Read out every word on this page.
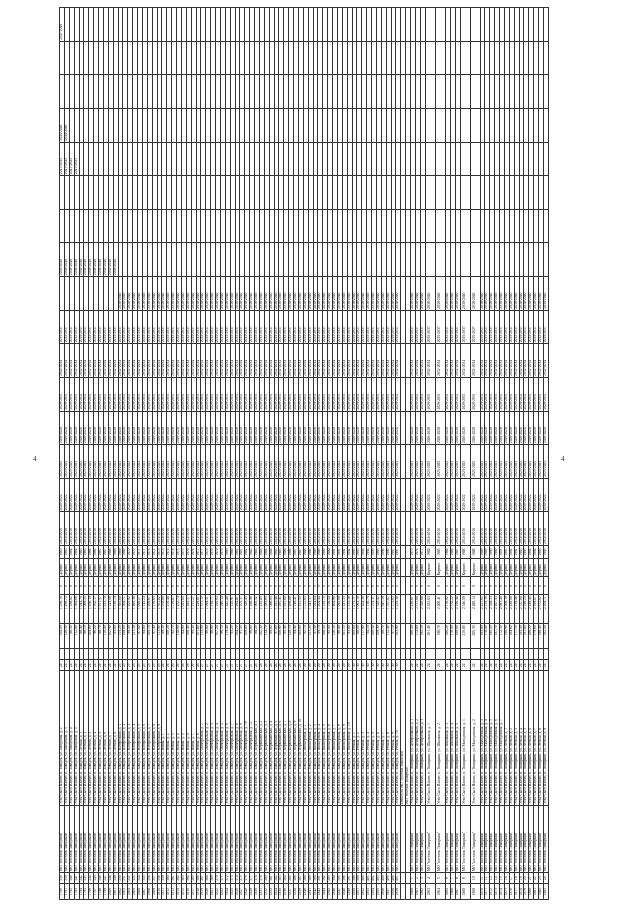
4	4
1790	338	МО "поселок Заводской"	Усть-Сысо Ижемс, п. Заводск, ул. Заводская, д. 2	24		104,00	1 256,19	0	Дерево	1963	2014-2016	2020-2022	2023-2025	2026-2028	2029-2031	2032-2034	2035-2037		2038-2040			2041-2043	2044-2046			2047-2049
1791	339	МО "поселок Заводской"	Усть-Сысо Ижемс, п. Заводск, ул. Заводская, д. 3	24		120,50	1 456,73	0	Дерево	1963	2014-2016	2020-2022	2023-2025	2026-2028	2029-2031	2032-2034	2035-2037		2038-2040			2041-2043	2044-2046			
1792	340	МО "поселок Заводской"	Усть-Сысо Ижемс, п. Заводск, ул. Заводская, д. 4	24		98,30	1 188,62	0	Дерево	1964	2014-2016	2020-2022	2023-2025	2026-2028	2029-2031	2032-2034	2035-2037		2038-2040			2041-2043				
1793	341	МО "поселок Заводской"	Усть-Сысо Ижемс, п. Заводск, ул. Заводская, д. 5	24		112,80	1 364,09	0	Дерево	1964	2014-2016	2020-2022	2023-2025	2026-2028	2029-2031	2032-2034	2035-2037		2038-2040			2041-2043				
1794	342	МО "поселок Заводской"	Усть-Сысо Ижемс, п. Заводск, ул. Лесная, д. 1	24		86,40	1 044,78	0	Дерево	1965	2014-2016	2020-2022	2023-2025	2026-2028	2029-2031	2032-2034	2035-2037		2038-2040							
1795	343	МО "поселок Заводской"	Усть-Сысо Ижемс, п. Заводск, ул. Лесная, д. 2	24		90,10	1 089,55	0	Дерево	1965	2014-2016	2020-2022	2023-2025	2026-2028	2029-2031	2032-2034	2035-2037		2038-2040							
1796	344	МО "поселок Заводской"	Усть-Сысо Ижемс, п. Заводск, ул. Лесная, д. 3	24		104,00	1 256,19	0	Дерево	1966	2014-2016	2020-2022	2023-2025	2026-2028	2029-2031	2032-2034	2035-2037		2038-2040							
1797	345	МО "поселок Заводской"	Усть-Сысо Ижемс, п. Заводск, ул. Лесная, д. 4	24		96,20	1 162,17	0	Дерево	1966	2014-2016	2020-2022	2023-2025	2026-2028	2029-2031	2032-2034	2035-2037		2038-2040							
1798	346	МО "поселок Заводской"	Усть-Сысо Ижемс, п. Заводск, ул. Лесная, д. 5	24		88,70	1 071,57	0	Дерево	1967	2014-2016	2020-2022	2023-2025	2026-2028	2029-2031	2032-2034	2035-2037		2038-2040							
1799	347	МО "поселок Заводской"	Усть-Сысо Ижемс, п. Заводск, ул. Лесная, д. 6	24		110,40	1 333,70	0	Дерево	1967	2014-2016	2020-2022	2023-2025	2026-2028	2029-2031	2032-2034	2035-2037		2038-2040							
1800	348	МО "поселок Заводской"	Усть-Сысо Ижемс, п. Заводск, ул. Лесная, д. 7	24		102,90	1 243,08	0	Дерево	1968	2014-2016	2020-2022	2023-2025	2026-2028	2029-2031	2032-2034	2035-2037		2038-2040							
1801	349	МО "поселок Заводской"	Усть-Сысо Ижемс, п. Заводск, ул. Лесная, д. 8	24		93,60	1 130,74	0	Дерево	1968	2014-2016	2020-2022	2023-2025	2026-2028	2029-2031	2032-2034	2035-2037		2038-2040							
1802	350	МО "поселок Заводской"	Усть-Сысо Ижемс, п. Заводск, ул. Набережная, д. 1	25		115,20	1 391,68	0	Дерево	1969	2014-2016	2020-2022	2023-2025	2026-2028	2029-2031	2032-2034	2035-2037	2038-2040								
1803	351	МО "поселок Заводской"	Усть-Сысо Ижемс, п. Заводск, ул. Набережная, д. 2	25		108,00	1 304,71	0	Дерево	1969	2014-2016	2020-2022	2023-2025	2026-2028	2029-2031	2032-2034	2035-2037	2038-2040								
1804	352	МО "поселок Заводской"	Усть-Сысо Ижемс, п. Заводск, ул. Набережная, д. 3	25		99,50	1 202,02	0	Дерево	1970	2014-2016	2020-2022	2023-2025	2026-2028	2029-2031	2032-2034	2035-2037	2038-2040								
1805	353	МО "поселок Заводской"	Усть-Сысо Ижемс, п. Заводск, ул. Набережная, д. 4	25		121,30	1 465,38	0	Дерево	1970	2014-2016	2020-2022	2023-2025	2026-2028	2029-2031	2032-2034	2035-2037	2038-2040								
1806	354	МО "поселок Заводской"	Усть-Сысо Ижемс, п. Заводск, ул. Набережная, д. 5	25		87,60	1 058,27	0	Дерево	1971	2014-2016	2020-2022	2023-2025	2026-2028	2029-2031	2032-2034	2035-2037	2038-2040								
1807	355	МО "поселок Заводской"	Усть-Сысо Ижемс, п. Заводск, ул. Набережная, д. 6	25		94,80	1 145,24	0	Дерево	1971	2014-2016	2020-2022	2023-2025	2026-2028	2029-2031	2032-2034	2035-2037	2038-2040								
1808	356	МО "поселок Заводской"	Усть-Сысо Ижемс, п. Заводск, ул. Набережная, д. 7	25		105,10	1 269,67	0	Дерево	1972	2014-2016	2020-2022	2023-2025	2026-2028	2029-2031	2032-2034	2035-2037	2038-2040								
1809	357	МО "поселок Заводской"	Усть-Сысо Ижемс, п. Заводск, ул. Набережная, д. 8	25		97,40	1 176,65	0	Дерево	1972	2014-2016	2020-2022	2023-2025	2026-2028	2029-2031	2032-2034	2035-2037	2038-2040								
1810	358	МО "поселок Заводской"	Усть-Сысо Ижемс, п. Заводск, ул. Набережная, д. 9	25		111,90	1 351,82	0	Дерево	1973	2014-2016	2020-2022	2023-2025	2026-2028	2029-2031	2032-2034	2035-2037	2038-2040								
1811	359	МО "поселок Заводской"	Усть-Сысо Ижемс, п. Заводск, ул. Новая, д. 1	26		89,30	1 078,80	0	Дерево	1973	2014-2016	2020-2022	2023-2025	2026-2028	2029-2031	2032-2034	2035-2037	2038-2040								
1812	360	МО "поселок Заводской"	Усть-Сысо Ижемс, п. Заводск, ул. Новая, д. 2	26		100,20	1 210,48	0	Дерево	1974	2014-2016	2020-2022	2023-2025	2026-2028	2029-2031	2032-2034	2035-2037	2038-2040								
1813	361	МО "поселок Заводской"	Усть-Сысо Ижемс, п. Заводск, ул. Новая, д. 3	26		92,70	1 119,87	0	Дерево	1974	2014-2016	2020-2022	2023-2025	2026-2028	2029-2031	2032-2034	2035-2037	2038-2040								
1814	362	МО "поселок Заводской"	Усть-Сысо Ижемс, п. Заводск, ул. Новая, д. 4	26		118,60	1 432,74	0	Дерево	1975	2014-2016	2020-2022	2023-2025	2026-2028	2029-2031	2032-2034	2035-2037	2038-2040								
1815	363	МО "поселок Заводской"	Усть-Сысо Ижемс, п. Заводск, ул. Новая, д. 5	26		84,90	1 025,65	0	Дерево	1975	2014-2016	2020-2022	2023-2025	2026-2028	2029-2031	2032-2034	2035-2037	2038-2040								
1816	364	МО "поселок Заводской"	Усть-Сысо Ижемс, п. Заводск, ул. Новая, д. 6	26		106,40	1 285,37	0	Дерево	1976	2014-2016	2020-2022	2023-2025	2026-2028	2029-2031	2032-2034	2035-2037	2038-2040								
1817	365	МО "поселок Заводской"	Усть-Сысо Ижемс, п. Заводск, ул. Новая, д. 7	26		95,30	1 151,27	0	Дерево	1976	2014-2016	2020-2022	2023-2025	2026-2028	2029-2031	2032-2034	2035-2037	2038-2040								
1818	366	МО "поселок Заводской"	Усть-Сысо Ижемс, п. Заводск, ул. Новая, д. 8	26		101,80	1 229,81	0	Дерево	1977	2014-2016	2020-2022	2023-2025	2026-2028	2029-2031	2032-2034	2035-2037	2038-2040								
1819	367	МО "поселок Заводской"	Усть-Сысо Ижемс, п. Заводск, ул. Октябрьская, д. 1	27		113,50	1 371,15	0	Дерево	1977	2014-2016	2020-2022	2023-2025	2026-2028	2029-2031	2032-2034	2035-2037	2038-2040								
1820	368	МО "поселок Заводской"	Усть-Сысо Ижемс, п. Заводск, ул. Октябрьская, д. 2	27		90,60	1 094,51	0	Дерево	1978	2014-2016	2020-2022	2023-2025	2026-2028	2029-2031	2032-2034	2035-2037	2038-2040								
1821	369	МО "поселок Заводской"	Усть-Сысо Ижемс, п. Заводск, ул. Октябрьская, д. 3	27		98,90	1 194,77	0	Дерево	1978	2014-2016	2020-2022	2023-2025	2026-2028	2029-2031	2032-2034	2035-2037	2038-2040								
1822	370	МО "поселок Заводской"	Усть-Сысо Ижемс, п. Заводск, ул. Октябрьская, д. 4	27		107,20	1 295,03	0	Дерево	1979	2014-2016	2020-2022	2023-2025	2026-2028	2029-2031	2032-2034	2035-2037	2038-2040								
1823	371	МО "поселок Заводской"	Усть-Сысо Ижемс, п. Заводск, ул. Октябрьская, д. 5	27		86,10	1 040,14	0	Дерево	1979	2014-2016	2020-2022	2023-2025	2026-2028	2029-2031	2032-2034	2035-2037	2038-2040								
1824	372	МО "поселок Заводской"	Усть-Сысо Ижемс, п. Заводск, ул. Октябрьская, д. 6	27		119,40	1 442,40	0	Дерево	1980	2014-2016	2020-2022	2023-2025	2026-2028	2029-2031	2032-2034	2035-2037	2038-2040								
1825	373	МО "поселок Заводской"	Усть-Сысо Ижемс, п. Заводск, ул. Октябрьская, д. 7	27		93,20	1 125,91	0	Дерево	1980	2014-2016	2020-2022	2023-2025	2026-2028	2029-2031	2032-2034	2035-2037	2038-2040								
1826	374	МО "поселок Заводской"	Усть-Сысо Ижемс, п. Заводск, ул. Октябрьская, д. 8	27		104,70	1 264,81	0	Дерево	1981	2014-2016	2020-2022	2023-2025	2026-2028	2029-2031	2032-2034	2035-2037	2038-2040								
1827	375	МО "поселок Заводской"	Усть-Сысо Ижемс, п. Заводск, ул. Октябрьская, д. 9	27		91,50	1 105,37	0	Дерево	1981	2014-2016	2020-2022	2023-2025	2026-2028	2029-2031	2032-2034	2035-2037	2038-2040								
1828	376	МО "поселок Заводской"	Усть-Сысо Ижемс, п. Заводск, ул. Октябрьская, д. 10	27		109,80	1 326,45	0	Дерево	1982	2014-2016	2020-2022	2023-2025	2026-2028	2029-2031	2032-2034	2035-2037	2038-2040								
1829	377	МО "поселок Заводской"	Усть-Сысо Ижемс, п. Заводск, ул. Октябрьская, д. 11	27		96,60	1 166,98	0	Дерево	1982	2014-2016	2020-2022	2023-2025	2026-2028	2029-2031	2032-2034	2035-2037	2038-2040								
1830	378	МО "поселок Заводской"	Усть-Сысо Ижемс, п. Заводск, ул. Первомайская, д. 1	28		88,20	1 065,52	0	Дерево	1983	2014-2016	2020-2022	2023-2025	2026-2028	2029-2031	2032-2034	2035-2037	2038-2040								
1831	379	МО "поселок Заводской"	Усть-Сысо Ижемс, п. Заводск, ул. Первомайская, д. 2	28		102,30	1 235,85	0	Дерево	1983	2014-2016	2020-2022	2023-2025	2026-2028	2029-2031	2032-2034	2035-2037	2038-2040								
1832	380	МО "поселок Заводской"	Усть-Сысо Ижемс, п. Заводск, ул. Первомайская, д. 3	28		114,70	1 385,65	0	Дерево	1984	2014-2016	2020-2022	2023-2025	2026-2028	2029-2031	2032-2034	2035-2037	2038-2040								
1833	381	МО "поселок Заводской"	Усть-Сысо Ижемс, п. Заводск, ул. Первомайская, д. 4	28		89,90	1 086,05	0	Дерево	1984	2014-2016	2020-2022	2023-2025	2026-2028	2029-2031	2032-2034	2035-2037	2038-2040								
1834	382	МО "поселок Заводской"	Усть-Сысо Ижемс, п. Заводск, ул. Первомайская, д. 5	28		97,80	1 181,48	0	Дерево	1985	2014-2016	2020-2022	2023-2025	2026-2028	2029-2031	2032-2034	2035-2037	2038-2040								
1835	383	МО "поселок Заводской"	Усть-Сысо Ижемс, п. Заводск, ул. Первомайская, д. 6	28		106,90	1 291,41	0	Дерево	1985	2014-2016	2020-2022	2023-2025	2026-2028	2029-2031	2032-2034	2035-2037	2038-2040								
1836	384	МО "поселок Заводской"	Усть-Сысо Ижемс, п. Заводск, ул. Первомайская, д. 7	28		85,40	1 031,68	0	Дерево	1986	2014-2016	2020-2022	2023-2025	2026-2028	2029-2031	2032-2034	2035-2037	2038-2040								
1837	385	МО "поселок Заводской"	Усть-Сысо Ижемс, п. Заводск, ул. Первомайская, д. 8	28		120,10	1 450,88	0	Дерево	1986	2014-2016	2020-2022	2023-2025	2026-2028	2029-2031	2032-2034	2035-2037	2038-2040								
1838	386	МО "поселок Заводской"	Усть-Сысо Ижемс, п. Заводск, ул. Первомайская, д. 9	28		94,40	1 140,41	0	Дерево	1987	2014-2016	2020-2022	2023-2025	2026-2028	2029-2031	2032-2034	2035-2037	2038-2040								
1839	387	МО "поселок Заводской"	Усть-Сысо Ижемс, п. Заводск, ул. Первомайская, д. 10	28		103,60	1 251,55	0	Дерево	1987	2014-2016	2020-2022	2023-2025	2026-2028	2029-2031	2032-2034	2035-2037	2038-2040								
1840	388	МО "поселок Заводской"	Усть-Сысо Ижемс, п. Заводск, ул. Пионерская, д. 1	29		92,10	1 112,63	0	Дерево	1988	2014-2016	2020-2022	2023-2025	2026-2028	2029-2031	2032-2034	2035-2037	2038-2040								
1841	389	МО "поселок Заводской"	Усть-Сысо Ижемс, п. Заводск, ул. Пионерская, д. 2	29		111,20	1 343,37	0	Дерево	1988	2014-2016	2020-2022	2023-2025	2026-2028	2029-2031	2032-2034	2035-2037	2038-2040								
1842	390	МО "поселок Заводской"	Усть-Сысо Ижемс, п. Заводск, ул. Пионерская, д. 3	29		87,30	1 054,64	0	Дерево	1989	2014-2016	2020-2022	2023-2025	2026-2028	2029-2031	2032-2034	2035-2037	2038-2040								
1843	391	МО "поселок Заводской"	Усть-Сысо Ижемс, п. Заводск, ул. Пионерская, д. 4	29		99,70	1 204,44	0	Дерево	1989	2014-2016	2020-2022	2023-2025	2026-2028	2029-2031	2032-2034	2035-2037	2038-2040								
1844	392	МО "поселок Заводской"	Усть-Сысо Ижемс, п. Заводск, ул. Пионерская, д. 5	29		108,50	1 310,75	0	Дерево	1990	2014-2016	2020-2022	2023-2025	2026-2028	2029-2031	2032-2034	2035-2037	2038-2040								
1845	393	МО "поселок Заводской"	Усть-Сысо Ижемс, п. Заводск, ул. Пионерская, д. 6	29		95,90	1 158,54	0	Дерево	1990	2014-2016	2020-2022	2023-2025	2026-2028	2029-2031	2032-2034	2035-2037	2038-2040								
1846	394	МО "поселок Заводской"	Усть-Сысо Ижемс, п. Заводск, ул. Пионерская, д. 7	29		116,30	1 404,98	0	Дерево	1991	2014-2016	2020-2022	2023-2025	2026-2028	2029-2031	2032-2034	2035-2037	2038-2040								
1847	395	МО "поселок Заводской"	Усть-Сысо Ижемс, п. Заводск, ул. Пионерская, д. 8	29		90,40	1 092,09	0	Дерево	1991	2014-2016	2020-2022	2023-2025	2026-2028	2029-2031	2032-2034	2035-2037	2038-2040								
1848	396	МО "поселок Заводской"	Усть-Сысо Ижемс, п. Заводск, ул. Пионерская, д. 9	29		101,10	1 221,35	0	Дерево	1992	2014-2016	2020-2022	2023-2025	2026-2028	2029-2031	2032-2034	2035-2037	2038-2040								
1849	397	МО "поселок Заводской"	Усть-Сысо Ижемс, п. Заводск, ул. Пионерская, д. 10	29		93,80	1 133,16	0	Дерево	1992	2014-2016	2020-2022	2023-2025	2026-2028	2029-2031	2032-2034	2035-2037	2038-2040								
1850	398	МО "поселок Заводской"	Усть-Сысо Ижемс, п. Заводск, ул. Речная, д. 1	30		105,60	1 275,71	0	Дерево	1993	2014-2016	2020-2022	2023-2025	2026-2028	2029-2031	2032-2034	2035-2037	2038-2040								
1851	399	МО "поселок Заводской"	Усть-Сысо Ижемс, п. Заводск, ул. Речная, д. 2	30		88,00	1 063,10	0	Дерево	1993	2014-2016	2020-2022	2023-2025	2026-2028	2029-2031	2032-2034	2035-2037	2038-2040								
1852	400	МО "поселок Заводской"	Усть-Сысо Ижемс, п. Заводск, ул. Речная, д. 3	30		117,90	1 424,30	0	Дерево	1994	2014-2016	2020-2022	2023-2025	2026-2028	2029-2031	2032-2034	2035-2037	2038-2040								
1853	401	МО "поселок Заводской"	Усть-Сысо Ижемс, п. Заводск, ул. Речная, д. 4	30		94,10	1 136,79	0	Дерево	1994	2014-2016	2020-2022	2023-2025	2026-2028	2029-2031	2032-2034	2035-2037	2038-2040								
1854	402	МО "поселок Заводской"	Усть-Сысо Ижемс, п. Заводск, ул. Речная, д. 5	30		100,50	1 214,11	0	Дерево	1995	2014-2016	2020-2022	2023-2025	2026-2028	2029-2031	2032-2034	2035-2037	2038-2040								
1855	403	МО "поселок Заводской"	Усть-Сысо Ижемс, п. Заводск, ул. Речная, д. 6	30		109,30	1 320,42	0	Дерево	1995	2014-2016	2020-2022	2023-2025	2026-2028	2029-2031	2032-2034	2035-2037	2038-2040								
1856	404	МО "поселок Заводской"	Усть-Сысо Ижемс, п. Заводск, ул. Речная, д. 7	30		86,70	1 047,39	0	Дерево	1996	2014-2016	2020-2022	2023-2025	2026-2028	2029-2031	2032-2034	2035-2037	2038-2040								
1857	405	МО "поселок Заводской"	Усть-Сысо Ижемс, п. Заводск, ул. Речная, д. 8	30		112,40	1 357,87	0	Дерево	1996	2014-2016	2020-2022	2023-2025	2026-2028	2029-2031	2032-2034	2035-2037	2038-2040								
1858	406	МО "поселок Заводской"	Усть-Сысо Ижемс, п. Заводск, ул. Речная, д. 9	30		97,10	1 173,03	0	Дерево	1997	2014-2016	2020-2022	2023-2025	2026-2028	2029-2031	2032-2034	2035-2037	2038-2040								
1859	407	МО "поселок Заводской"	Усть-Сысо Ижемс, п. Заводск, ул. Речная, д. 10	30		103,90	1 255,18	0	Дерево	1997	2014-2016	2020-2022	2023-2025	2026-2028	2029-2031	2032-2034	2035-2037	2038-2040								
			Итого по МО "поселок Заводской"																							
			МО "поселок Тимиркин"																							
1860	1	МО "поселок Тимиркин"	Усть-Сысо Ижемс, п. Тимиркин, ул. Центральная, д. 1	24		186,30	2 250,61	0	Дерево	1975	2014-2016	2020-2022	2023-2025	2026-2028	2029-2031	2032-2034	2035-2037	2038-2040								
1861	2	МО "поселок Тимиркин"	Усть-Сысо Ижемс, п. Тимиркин, ул. Центральная, д. 2	24		174,80	2 111,69	0	Дерево	1976	2014-2016	2020-2022	2023-2025	2026-2028	2029-2031	2032-2034	2035-2037	2038-2040								
1862	3	МО "поселок Тимиркин"	Усть-Сысо Ижемс, п. Тимиркин, ул. Центральная, д. 3	24		192,10	2 320,68	0	Дерево	1977	2014-2016	2020-2022	2023-2025	2026-2028	2029-2031	2032-2034	2035-2037	2038-2040								
1863	4	МО "поселок Тимиркин"	Усть-Сысо Ижемс, п. Тимиркин, ул. Школьная, д. 1	24		201,40	2 433,03	0	Кирпич	1984	2014-2016	2020-2022	2023-2025	2026-2028	2029-2031	2032-2034	2035-2037	2038-2040								
1864	5	МО "поселок Тимиркин"	Усть-Сысо Ижемс, п. Тимиркин, ул. Школьная, д. 2	24		198,70	2 400,41	0	Кирпич	1985	2014-2016	2020-2022	2023-2025	2026-2028	2029-2031	2032-2034	2035-2037	2038-2040								
1865	6	МО "поселок Тимиркин"	Усть-Сысо Ижемс, п. Тимиркин, ул. Школьная, д. 3	24		180,20	2 176,92	0	Дерево	1986	2014-2016	2020-2022	2023-2025	2026-2028	2029-2031	2032-2034	2035-2037	2038-2040								
1866	7	МО "поселок Тимиркин"	Усть-Сысо Ижемс, п. Тимиркин, ул. Школьная, д. 4	24		176,50	2 132,22	0	Дерево	1986	2014-2016	2020-2022	2023-2025	2026-2028	2029-2031	2032-2034	2035-2037	2038-2040								
1867	8	МО "поселок Тимиркин"	Усть-Сысо Ижемс, п. Тимиркин, ул. Школьная, д. 5	24		189,60	2 290,48	0	Дерево	1987	2014-2016	2020-2022	2023-2025	2026-2028	2029-2031	2032-2034	2035-2037	2038-2040								
1868	9	МО "поселок Тимиркин"	Усть-Сысо Ижемс, п. Тимиркин, ул. Молодежная, д. 1	24		210,80	2 546,59	0	Кирпич	1988	2014-2016	2020-2022	2023-2025	2026-2028	2029-2031	2032-2034	2035-2037	2038-2040								
1869	10	МО "поселок Тимиркин"	Усть-Сысо Ижемс, п. Тимиркин, ул. Молодежная, д. 2	24		205,30	2 480,14	0	Кирпич	1988	2014-2016	2020-2022	2023-2025	2026-2028	2029-2031	2032-2034	2035-2037	2038-2040								
1870	11	МО "поселок Тимиркин"	Усть-Сысо Ижемс, п. Тимиркин, ул. Молодежная, д. 3	24		183,90	2 221,62	0	Дерево	1989	2014-2016	2020-2022	2023-2025	2026-2028	2029-2031	2032-2034	2035-2037	2038-2040								
1871	12	МО "поселок Тимиркин"	Усть-Сысо Ижемс, п. Тимиркин, ул. Молодежная, д. 4	24		178,40	2 155,18	0	Дерево	1989	2014-2016	2020-2022	2023-2025	2026-2028	2029-2031	2032-2034	2035-2037	2038-2040								
1872	13	МО "поселок Тимиркин"	Усть-Сысо Ижемс, п. Тимиркин, ул. Молодежная, д. 5	24		195,20	2 358,13	0	Дерево	1990	2014-2016	2020-2022	2023-2025	2026-2028	2029-2031	2032-2034	2035-2037	2038-2040								
1873	14	МО "поселок Тимиркин"	Усть-Сысо Ижемс, п. Тимиркин, ул. Молодежная, д. 6	24		187,70	2 267,53	0	Дерево	1990	2014-2016	2020-2022	2023-2025	2026-2028	2029-2031	2032-2034	2035-2037	2038-2040								
1874	15	МО "поселок Тимиркин"	Усть-Сысо Ижемс, п. Тимиркин, ул. Молодежная, д. 7	24		172,30	2 081,49	0	Дерево	1991	2014-2016	2020-2022	2023-2025	2026-2028	2029-2031	2032-2034	2035-2037	2038-2040								
1875	16	МО "поселок Тимиркин"	Усть-Сысо Ижемс, п. Тимиркин, ул. Лесная, д. 1	24		190,90	2 306,19	0	Дерево	1991	2014-2016	2020-2022	2023-2025	2026-2028	2029-2031	2032-2034	2035-2037	2038-2040								
1876	17	МО "поселок Тимиркин"	Усть-Сысо Ижемс, п. Тимиркин, ул. Лесная, д. 2	24		184,60	2 230,08	0	Дерево	1992	2014-2016	2020-2022	2023-2025	2026-2028	2029-2031	2032-2034	2035-2037	2038-2040								
1877	18	МО "поселок Тимиркин"	Усть-Сысо Ижемс, п. Тимиркин, ул. Лесная, д. 3	24		177,10	2 139,48	0	Дерево	1992	2014-2016	2020-2022	2023-2025	2026-2028	2029-2031	2032-2034	2035-2037	2038-2040								
1878	19	МО "поселок Тимиркин"	Усть-Сысо Ижемс, п. Тимиркин, ул. Лесная, д. 4	24		193,50	2 337,60	0	Дерево	1993	2014-2016	2020-2022	2023-2025	2026-2028	2029-2031	2032-2034	2035-2037	2038-2040								
1879	20	МО "поселок Тимиркин"	Усть-Сысо Ижемс, п. Тимиркин, ул. Лесная, д. 5	24		181,80	2 196,25	0	Дерево	1993	2014-2016	2020-2022	2023-2025	2026-2028	2029-2031	2032-2034	2035-2037	2038-2040								
1880	21	МО "поселок Тимиркин"	Усть-Сысо Ижемс, п. Тимиркин, ул. Лесная, д. 6	24		186,20	2 249,40	0	Дерево	1994	2014-2016	2020-2022	2023-2025	2026-2028	2029-2031	2032-2034	2035-2037	2038-2040								
1881	22	МО "поселок Тимиркин"	Усть-Сысо Ижемс, п. Тимиркин, ул. Лесная, д. 7	24		179,60	2 169,67	0	Дерево	1994	2014-2016	2020-2022	2023-2025	2026-2028	2029-2031	2032-2034	2035-2037	2038-2040								
1882	23	МО "поселок Тимиркин"	Усть-Сысо Ижемс, п. Тимиркин, ул. Лесная, д. 8	24		196,40	2 372,62	0	Дерево	1995	2014-2016	2020-2022	2023-2025	2026-2028	2029-2031	2032-2034	2035-2037	2038-2040								
1883	24	МО "поселок Тимиркин"	Усть-Сысо Ижемс, п. Тимиркин, ул. Лесная, д. 9	24		182,50	2 204,71	0	Дерево	1995	2014-2016	2020-2022	2023-2025	2026-2028	2029-2031	2032-2034	2035-2037	2038-2040								
